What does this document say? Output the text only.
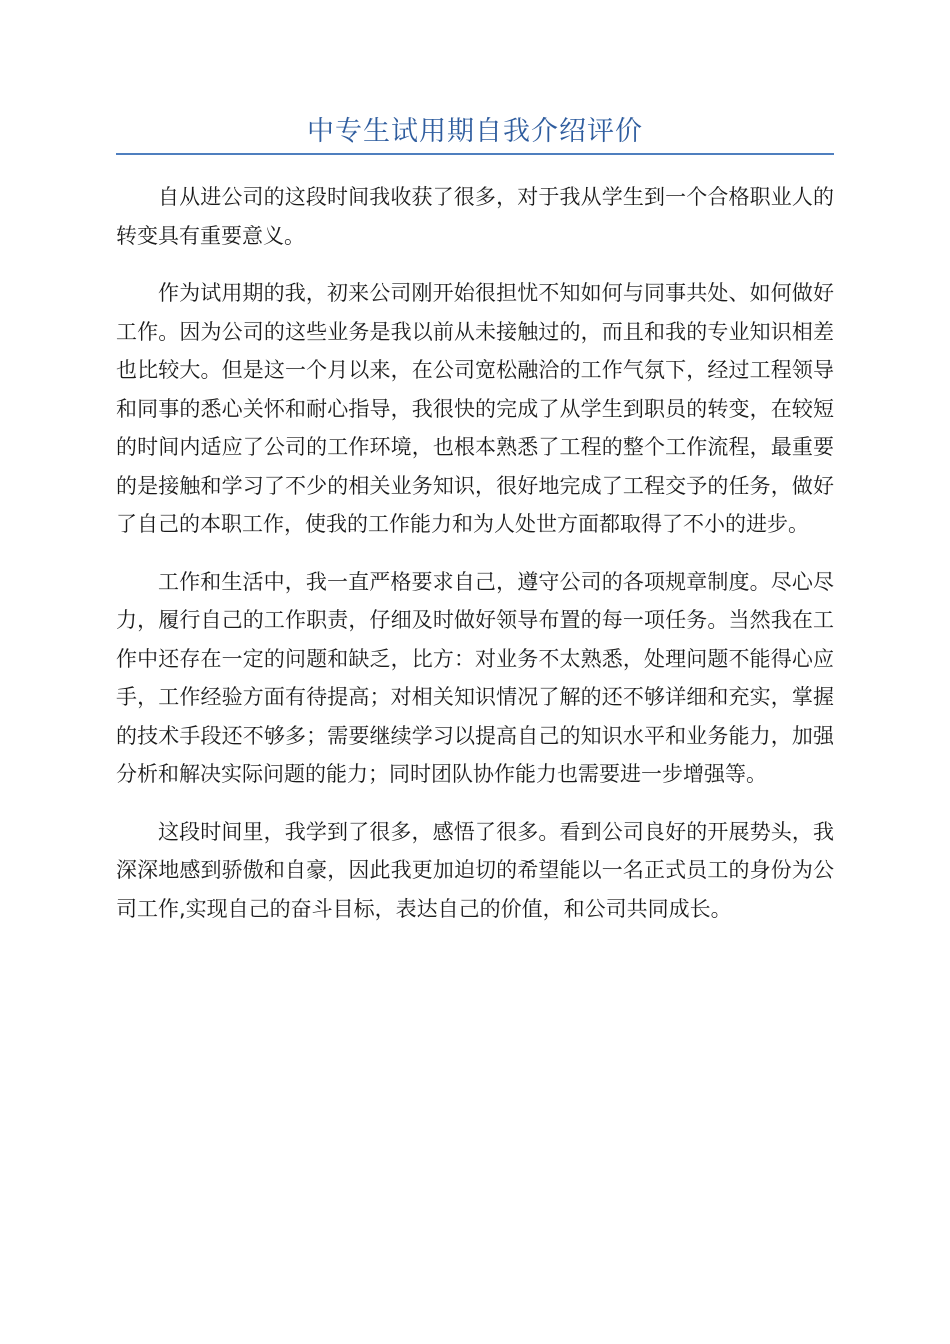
中专生试用期自我介绍评价

自从进公司的这段时间我收获了很多，对于我从学生到一个合格职业人的转变具有重要意义。

作为试用期的我，初来公司刚开始很担忧不知如何与同事共处、如何做好工作。因为公司的这些业务是我以前从未接触过的，而且和我的专业知识相差也比较大。但是这一个月以来，在公司宽松融洽的工作气氛下，经过工程领导和同事的悉心关怀和耐心指导，我很快的完成了从学生到职员的转变，在较短的时间内适应了公司的工作环境，也根本熟悉了工程的整个工作流程，最重要的是接触和学习了不少的相关业务知识，很好地完成了工程交予的任务，做好了自己的本职工作，使我的工作能力和为人处世方面都取得了不小的进步。

工作和生活中，我一直严格要求自己，遵守公司的各项规章制度。尽心尽力，履行自己的工作职责，仔细及时做好领导布置的每一项任务。当然我在工作中还存在一定的问题和缺乏，比方：对业务不太熟悉，处理问题不能得心应手，工作经验方面有待提高；对相关知识情况了解的还不够详细和充实，掌握的技术手段还不够多；需要继续学习以提高自己的知识水平和业务能力，加强分析和解决实际问题的能力；同时团队协作能力也需要进一步增强等。

这段时间里，我学到了很多，感悟了很多。看到公司良好的开展势头，我深深地感到骄傲和自豪，因此我更加迫切的希望能以一名正式员工的身份为公司工作,实现自己的奋斗目标，表达自己的价值，和公司共同成长。
